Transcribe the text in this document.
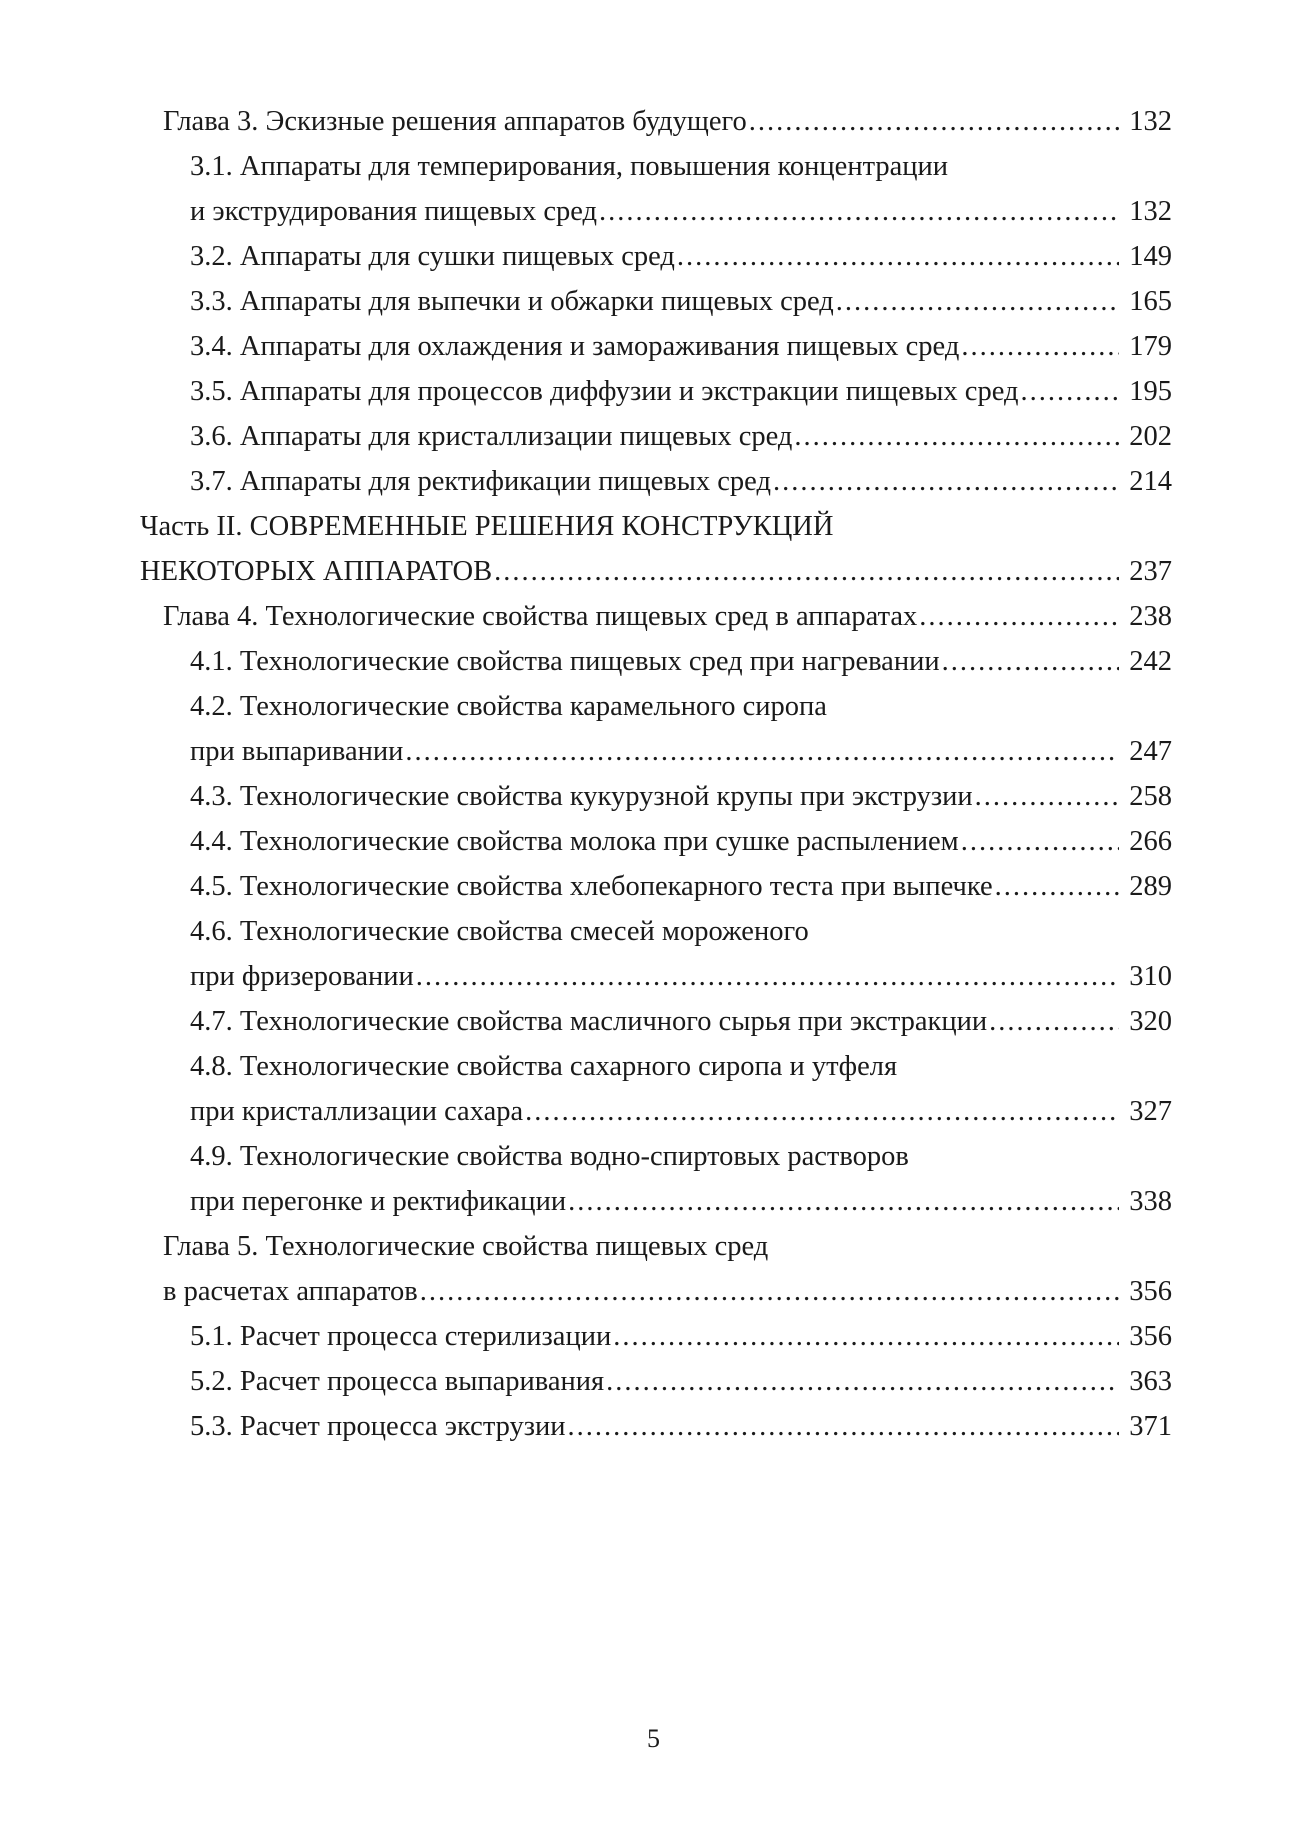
Глава 3. Эскизные решения аппаратов будущего .....	132
3.1. Аппараты для темперирования, повышения концентрации
и экструдирования пищевых сред .....	132
3.2. Аппараты для сушки пищевых сред .....	149
3.3. Аппараты для выпечки и обжарки пищевых сред .....	165
3.4. Аппараты для охлаждения и замораживания пищевых сред .....	179
3.5. Аппараты для процессов диффузии и экстракции пищевых сред .....	195
3.6. Аппараты для кристаллизации пищевых сред .....	202
3.7. Аппараты для ректификации пищевых сред .....	214
Часть II. СОВРЕМЕННЫЕ РЕШЕНИЯ КОНСТРУКЦИЙ
НЕКОТОРЫХ АППАРАТОВ .....	237
Глава 4. Технологические свойства пищевых сред в аппаратах .....	238
4.1. Технологические свойства пищевых сред при нагревании .....	242
4.2. Технологические свойства карамельного сиропа
при выпаривании .....	247
4.3. Технологические свойства кукурузной крупы при экструзии .....	258
4.4. Технологические свойства молока при сушке распылением .....	266
4.5. Технологические свойства хлебопекарного теста при выпечке .....	289
4.6. Технологические свойства смесей мороженого
при фризеровании .....	310
4.7. Технологические свойства масличного сырья при экстракции .....	320
4.8. Технологические свойства сахарного сиропа и утфеля
при кристаллизации сахара .....	327
4.9. Технологические свойства водно-спиртовых растворов
при перегонке и ректификации .....	338
Глава 5. Технологические свойства пищевых сред
в расчетах аппаратов .....	356
5.1. Расчет процесса стерилизации .....	356
5.2. Расчет процесса выпаривания .....	363
5.3. Расчет процесса экструзии .....	371
5
